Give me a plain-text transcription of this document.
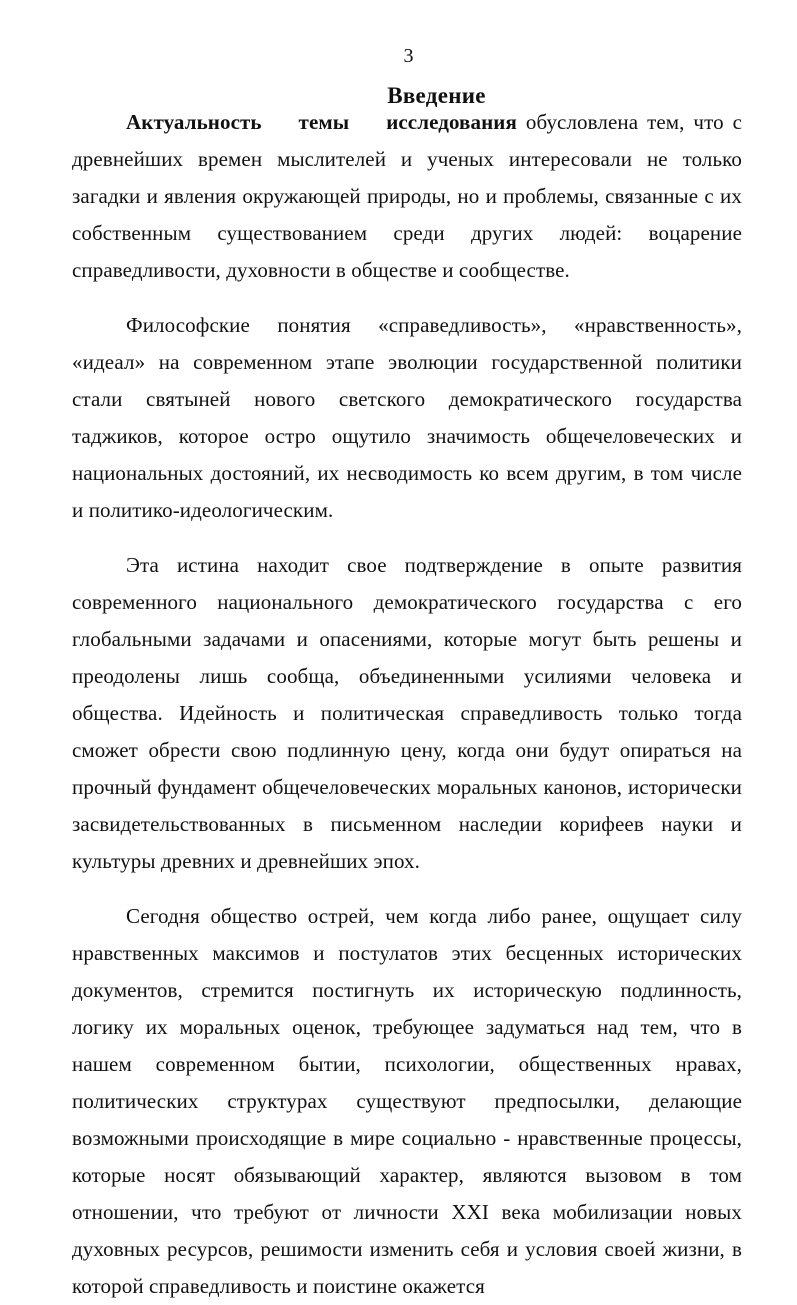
3
Введение

Актуальность темы исследования обусловлена тем, что с древнейших времен мыслителей и ученых интересовали не только загадки и явления окружающей природы, но и проблемы, связанные с их собственным существованием среди других людей: воцарение справедливости, духовности в обществе и сообществе.

Философские понятия «справедливость», «нравственность», «идеал» на современном этапе эволюции государственной политики стали святыней нового светского демократического государства таджиков, которое остро ощутило значимость общечеловеческих и национальных достояний, их несводимость ко всем другим, в том числе и политико-идеологическим.

Эта истина находит свое подтверждение в опыте развития современного национального демократического государства с его глобальными задачами и опасениями, которые могут быть решены и преодолены лишь сообща, объединенными усилиями человека и общества. Идейность и политическая справедливость только тогда сможет обрести свою подлинную цену, когда они будут опираться на прочный фундамент общечеловеческих моральных канонов, исторически засвидетельствованных в письменном наследии корифеев науки и культуры древних и древнейших эпох.

Сегодня общество острей, чем когда либо ранее, ощущает силу нравственных максимов и постулатов этих бесценных исторических документов, стремится постигнуть их историческую подлинность, логику их моральных оценок, требующее задуматься над тем, что в нашем современном бытии, психологии, общественных нравах, политических структурах существуют предпосылки, делающие возможными происходящие в мире социально - нравственные процессы, которые носят обязывающий характер, являются вызовом в том отношении, что требуют от личности XXI века мобилизации новых духовных ресурсов, решимости изменить себя и условия своей жизни, в которой справедливость и поистине окажется
